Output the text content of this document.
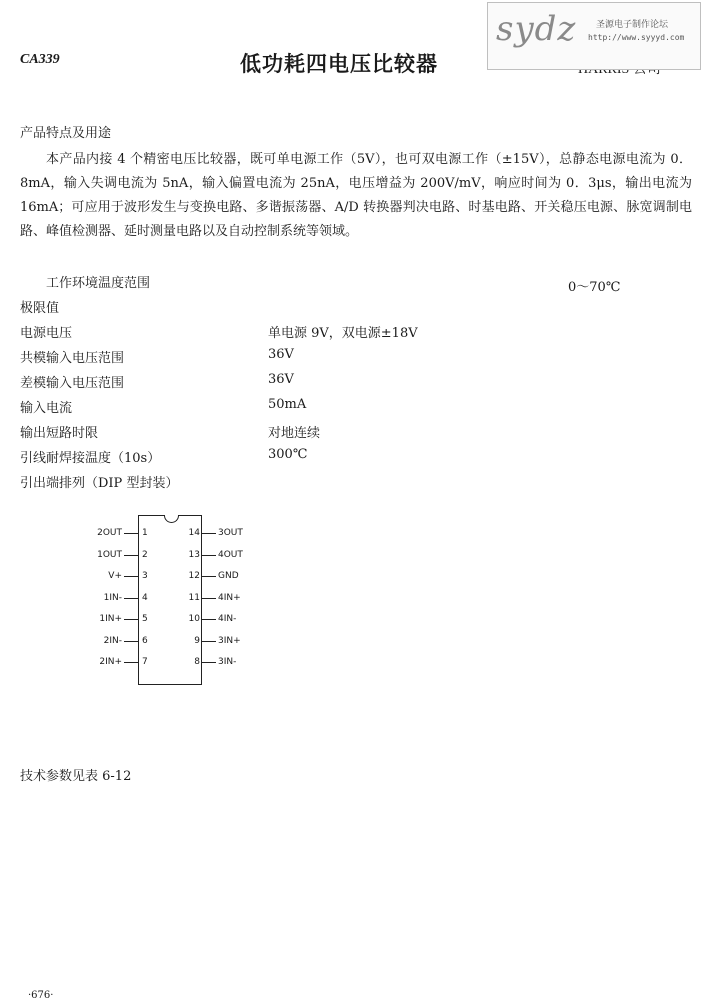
CA339	低功耗四电压比较器
sydz 圣源电子制作论坛
http://www.syyyd.com
产品特点及用途

本产品内接 4 个精密电压比较器，既可单电源工作（5V），也可双电源工作（±15V），总静态电源电流为 0．8mA，输入失调电流为 5nA，输入偏置电流为 25nA，电压增益为 200V/mV，响应时间为 0．3μs，输出电流为 16mA；可应用于波形发生与变换电路、多谐振荡器、A/D 转换器判决电路、时基电路、开关稳压电源、脉宽调制电路、峰值检测器、延时测量电路以及自动控制系统等领域。

工作环境温度范围	0～70℃
极限值
电源电压	单电源 9V，双电源±18V
共模输入电压范围	36V
差模输入电压范围	36V
输入电流	50mA
输出短路时限	对地连续
引线耐焊接温度（10s）	300℃
引出端排列（DIP 型封装）
2OUT 1
1OUT 2
V+ 3
1IN- 4
1IN+ 5
2IN- 6
2IN+ 7
14 3OUT
13 4OUT
12 GND
11 4IN+
10 4IN-
9 3IN+
8 3IN-
技术参数见表 6-12
·676·
